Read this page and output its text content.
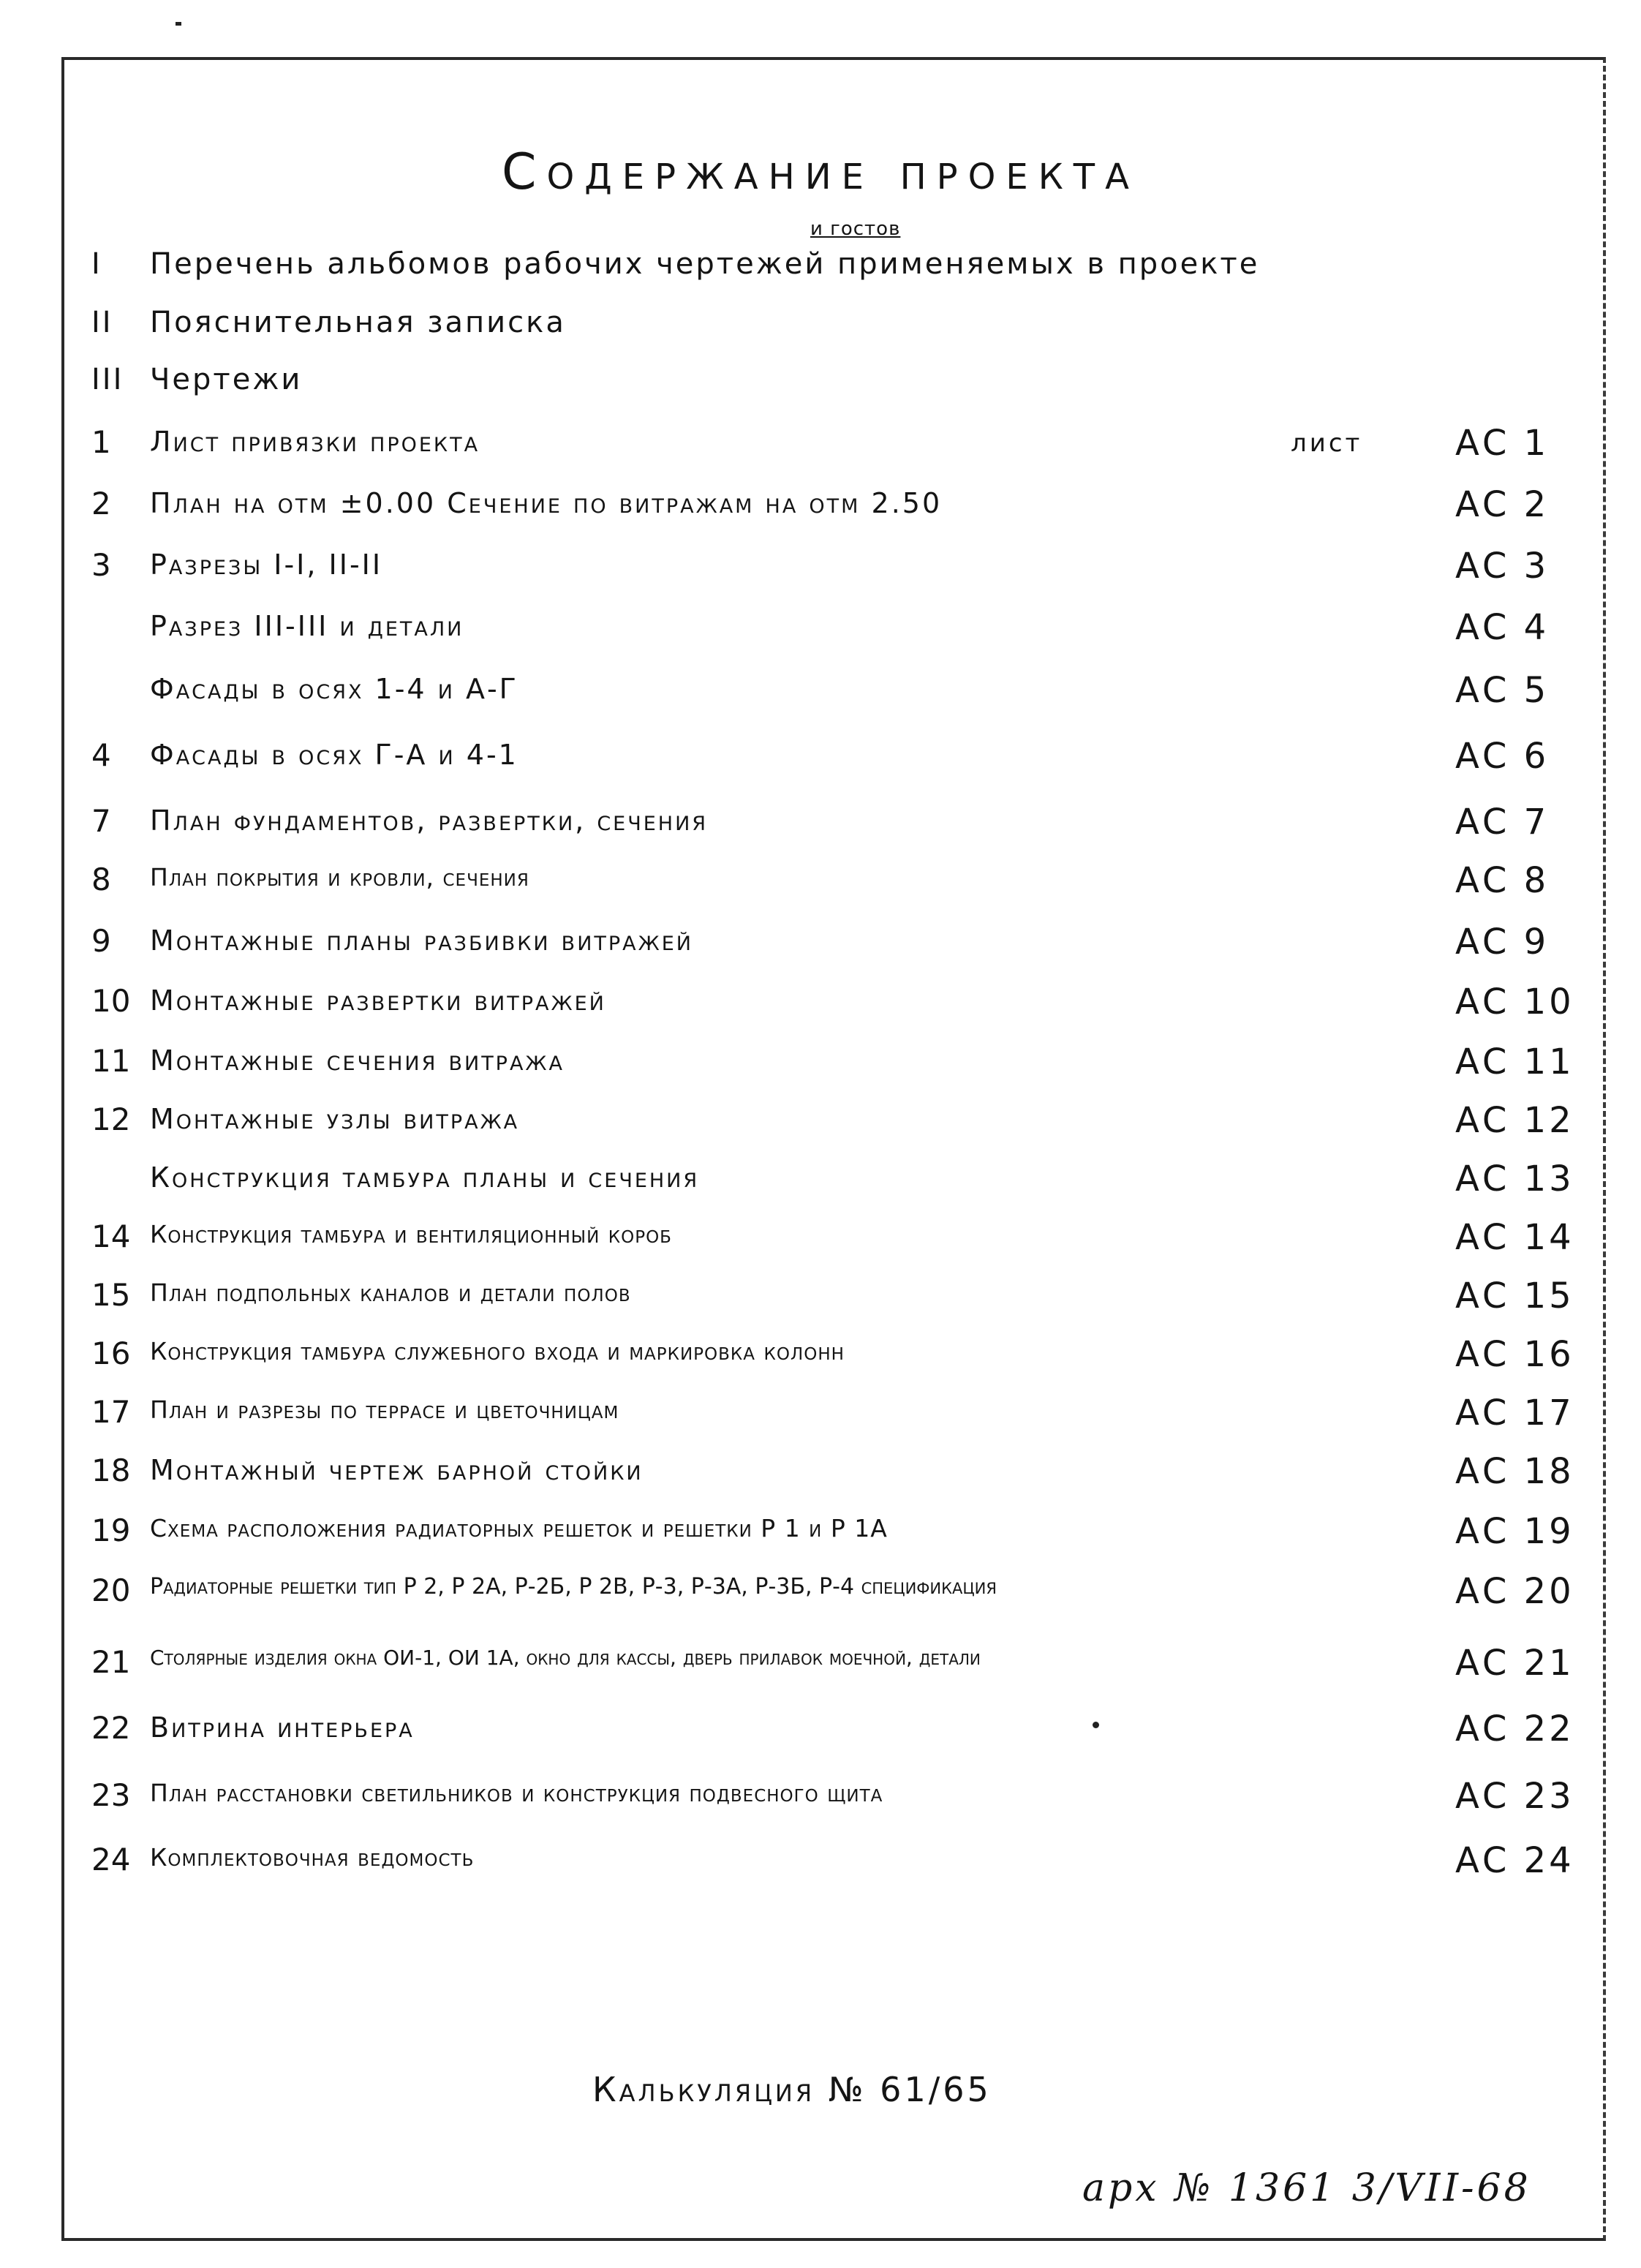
Содержание проекта
I Перечень альбомов рабочих чертежей применяемых в проекте
и гостов
II Пояснительная записка
III Чертежи
1	Лист привязки проекта	лист	АС 1
2	План на отм ±0.00 Сечение по витражам на отм 2.50	АС 2
3	Разрезы I-I, II-II	АС 3
Разрез III-III и детали	АС 4
Фасады в осях 1-4 и А-Г	АС 5
4	Фасады в осях Г-А и 4-1	АС 6
7	План фундаментов, развертки, сечения	АС 7
8	План покрытия и кровли, сечения	АС 8
9	Монтажные планы разбивки витражей	АС 9
10 Монтажные развертки витражей	АС 10
11 Монтажные сечения витража	АС 11
12 Монтажные узлы витража	АС 12
Конструкция тамбура планы и сечения	АС 13
14 Конструкция тамбура и вентиляционный короб	АС 14
15 План подпольных каналов и детали полов	АС 15
16 Конструкция тамбура служебного входа и маркировка колонн	АС 16
17 План и разрезы по террасе и цветочницам	АС 17
18 Монтажный чертеж барной стойки	АС 18
19 Схема расположения радиаторных решеток и решетки Р 1 и Р 1А	АС 19
20 Радиаторные решетки тип Р 2, Р 2А, Р-2Б, Р 2В, Р-3, Р-3А, Р-3Б, Р-4 спецификация	АС 20
21 Столярные изделия окна ОИ-1, ОИ 1А, окно для кассы, дверь прилавок моечной, детали	АС 21
22 Витрина интерьера	АС 22
23 План расстановки светильников и конструкция подвесного щита	АС 23
24 Комплектовочная ведомость	АС 24
Калькуляция № 61/65
арх № 1361 3/VII-68
